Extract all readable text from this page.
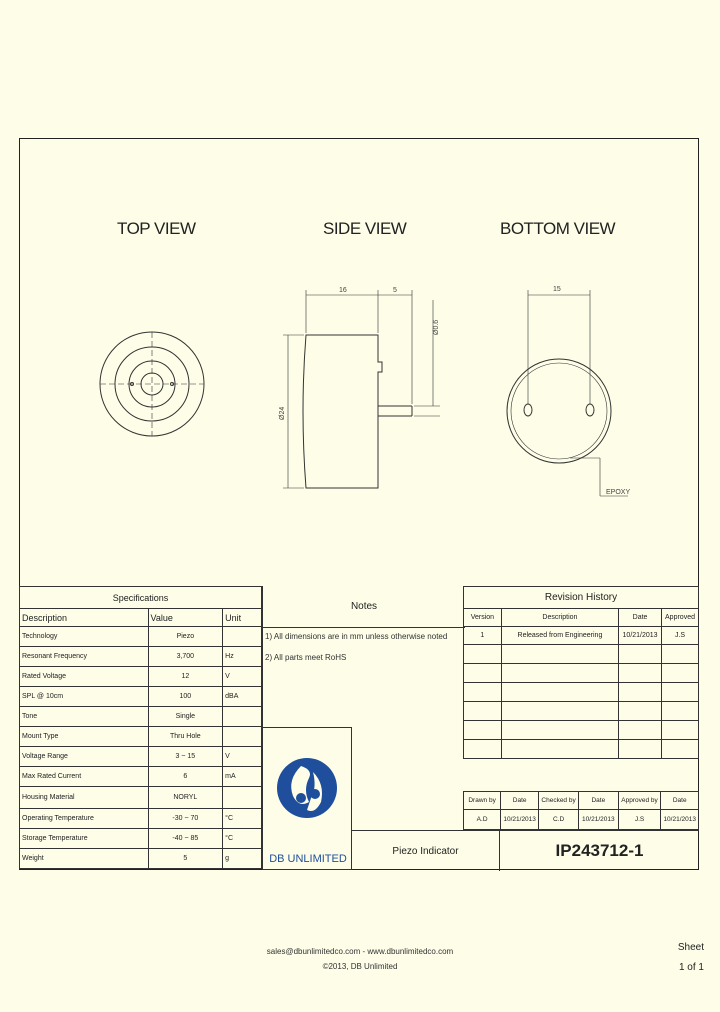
TOP VIEW	SIDE VIEW	BOTTOM VIEW
16	5
Ø24
Ø0.6
15
EPOXY
Specifications		
Description	Value	Unit
Technology	Piezo	
Resonant Frequency	3,700	Hz
Rated Voltage	12	V
SPL @ 10cm	100	dBA
Tone	Single	
Mount Type	Thru Hole	
Voltage Range	3 ~ 15	V
Max Rated Current	6	mA
Housing Material	NORYL	
Operating Temperature	-30 ~ 70	°C
Storage Temperature	-40 ~ 85	°C
Weight	5	g
Notes
1) All dimensions are in mm unless otherwise noted
2) All parts meet RoHS
Revision History			
Version	Description	Date	Approved
1	Released from Engineering	10/21/2013	J.S

Drawn by	Date	Checked by	Date	Approved by	Date
A.D	10/21/2013	C.D	10/21/2013	J.S	10/21/2013
DB UNLIMITED
Piezo Indicator	IP243712-1
sales@dbunlimitedco.com - www.dbunlimitedco.com
©2013, DB Unlimited
Sheet
1 of 1
